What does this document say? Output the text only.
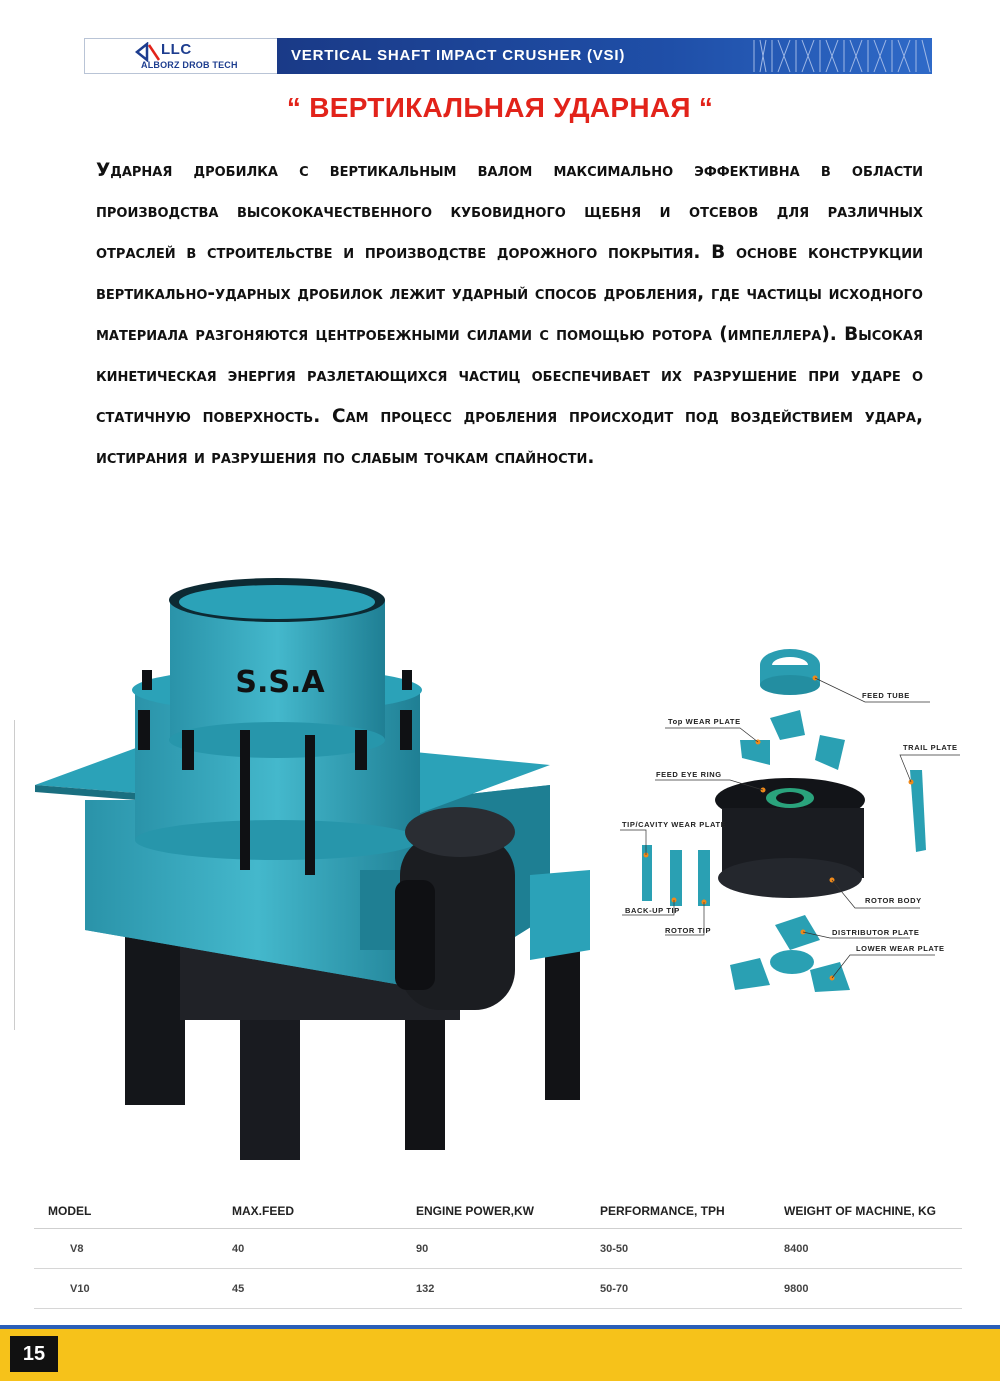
LLC
ALBORZ DROB TECH
VERTICAL SHAFT IMPACT CRUSHER (VSI)
“ ВЕРТИКАЛЬНАЯ УДАРНАЯ “
Ударная дробилка с вертикальным валом максимально эффективна в области производства высококачественного кубовидного щебня и отсевов для различных отраслей в строительстве и производстве дорожного покрытия. В основе конструкции вертикально-ударных дробилок лежит ударный способ дробления, где частицы исходного материала разгоняются центробежными силами с помощью ротора (импеллера). Высокая кинетическая энергия разлетающихся частиц обеспечивает их разрушение при ударе о статичную поверхность. Сам процесс дробления происходит под воздействием удара, истирания и разрушения по слабым точкам спайности.
S.S.A	FEED TUBE
Top WEAR PLATE
TRAIL PLATE
FEED EYE RING
TIP/CAVITY WEAR PLATE
BACK-UP TIP
ROTOR TIP
ROTOR BODY
DISTRIBUTOR PLATE
LOWER WEAR PLATE
MODEL	MAX.FEED	ENGINE POWER,KW	PERFORMANCE, TPH	WEIGHT OF MACHINE, KG
V8	40	90	30-50	8400
V10	45	132	50-70	9800
15
